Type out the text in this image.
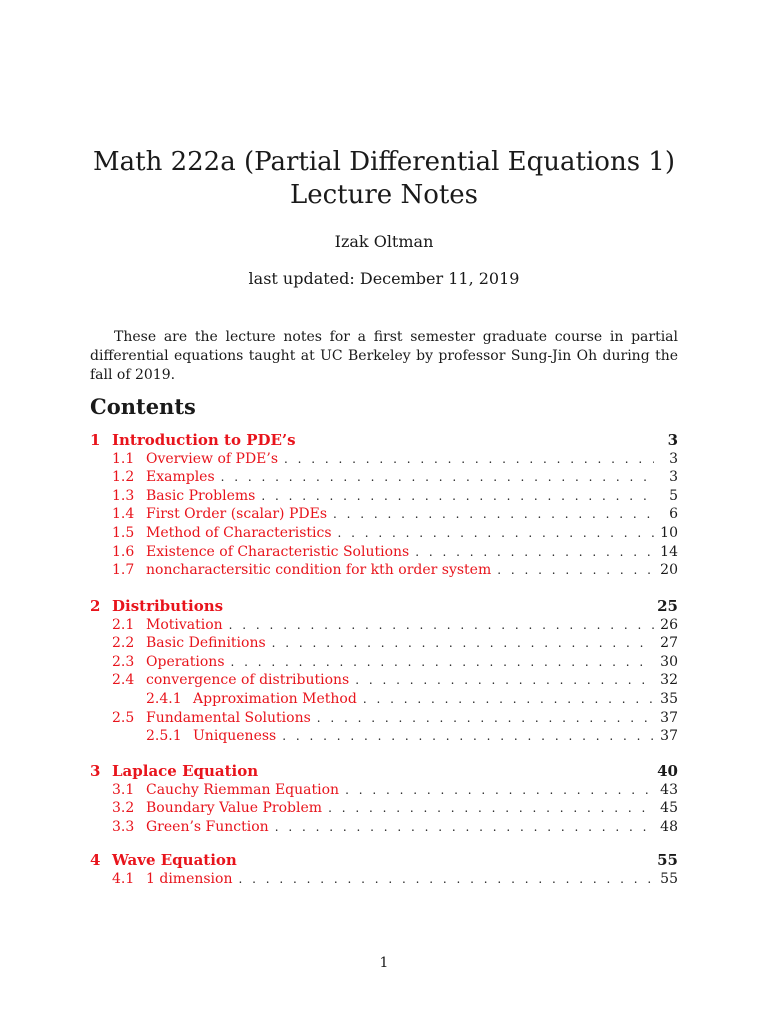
Math 222a (Partial Differential Equations 1) Lecture Notes
Izak Oltman
last updated: December 11, 2019

These are the lecture notes for a first semester graduate course in partial differential equations taught at UC Berkeley by professor Sung-Jin Oh during the fall of 2019.

Contents
1 Introduction to PDE’s	3
1.1 Overview of PDE’s . . .	3
1.2 Examples . . .	3
1.3 Basic Problems . . .	5
1.4 First Order (scalar) PDEs . . .	6
1.5 Method of Characteristics . . .	10
1.6 Existence of Characteristic Solutions . . .	14
1.7 noncharactersitic condition for kth order system . . .	20
2 Distributions	25
2.1 Motivation . . .	26
2.2 Basic Definitions . . .	27
2.3 Operations . . .	30
2.4 convergence of distributions . . .	32
2.4.1 Approximation Method . . .	35
2.5 Fundamental Solutions . . .	37
2.5.1 Uniqueness . . .	37
3 Laplace Equation	40
3.1 Cauchy Riemman Equation . . .	43
3.2 Boundary Value Problem . . .	45
3.3 Green’s Function . . .	48
4 Wave Equation	55
4.1 1 dimension . . .	55
1
